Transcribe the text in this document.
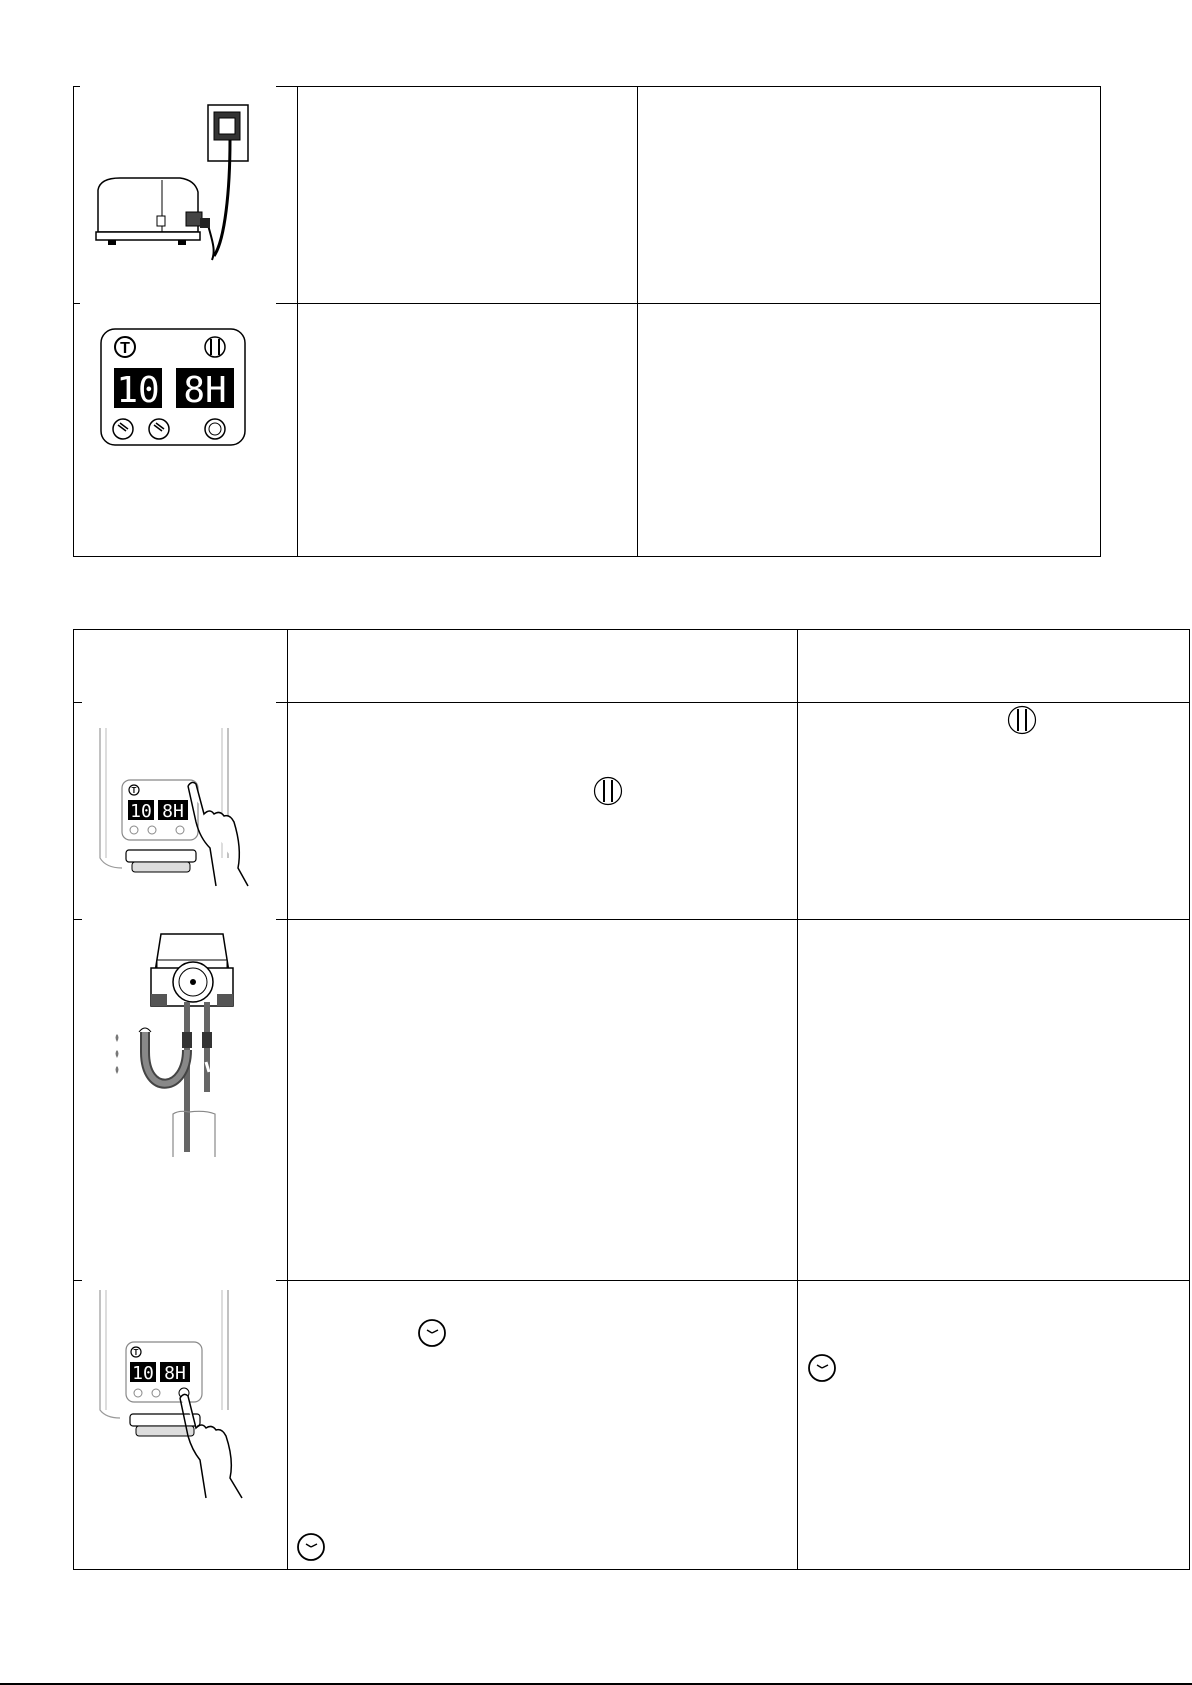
T
10 8H
T
10 8H
T
10 8H
